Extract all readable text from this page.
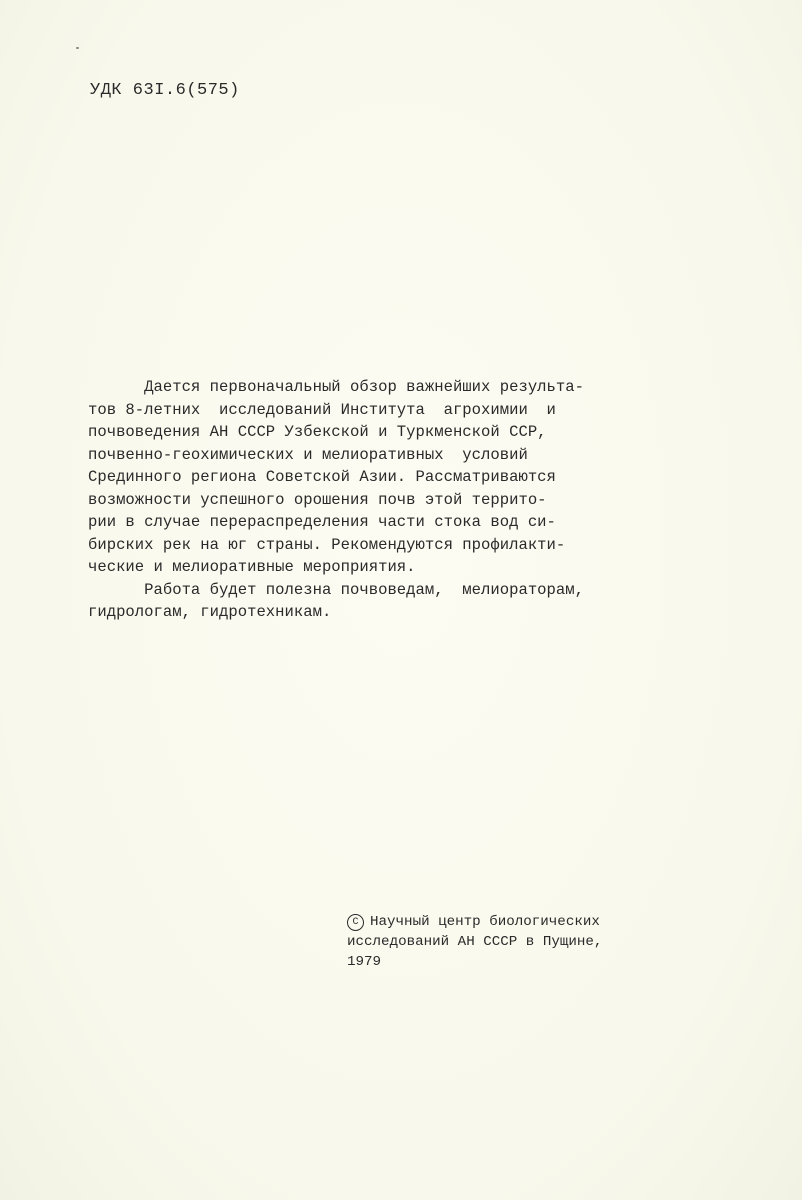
УДК 63I.6(575)
Дается первоначальный обзор важнейших результа-
тов 8-летних  исследований Института  агрохимии  и
почвоведения АН СССР Узбекской и Туркменской ССР,
почвенно-геохимических и мелиоративных  условий
Срединного региона Советской Азии. Рассматриваются
возможности успешного орошения почв этой террито-
рии в случае перераспределения части стока вод си-
бирских рек на юг страны. Рекомендуются профилакти-
ческие и мелиоративные мероприятия.
Работа будет полезна почвоведам,  мелиораторам,
гидрологам, гидротехникам.
C Научный центр биологических
исследований АН СССР в Пущине,
1979
